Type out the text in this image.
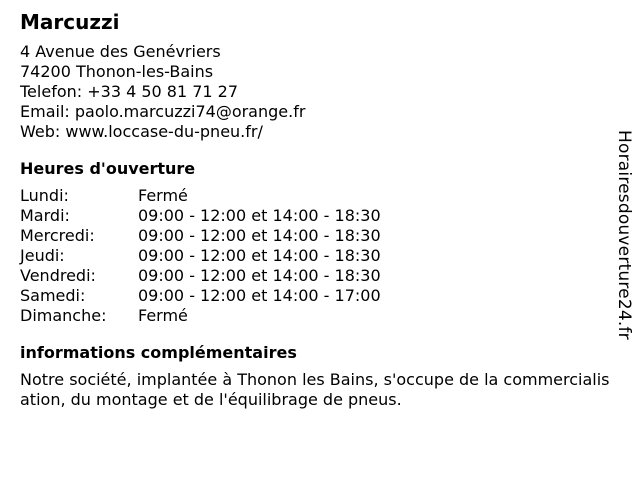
Marcuzzi
4 Avenue des Genévriers
74200 Thonon-les-Bains
Telefon: +33 4 50 81 71 27
Email: paolo.marcuzzi74@orange.fr
Web: www.loccase-du-pneu.fr/
Heures d'ouverture
Lundi:	Fermé
Mardi:	09:00 - 12:00 et 14:00 - 18:30
Mercredi:	09:00 - 12:00 et 14:00 - 18:30
Jeudi:	09:00 - 12:00 et 14:00 - 18:30
Vendredi:	09:00 - 12:00 et 14:00 - 18:30
Samedi:	09:00 - 12:00 et 14:00 - 17:00
Dimanche:	Fermé
informations complémentaires
Notre société, implantée à Thonon les Bains, s'occupe de la commercialisation, du montage et de l'équilibrage de pneus.
Horairesdouverture24.fr
